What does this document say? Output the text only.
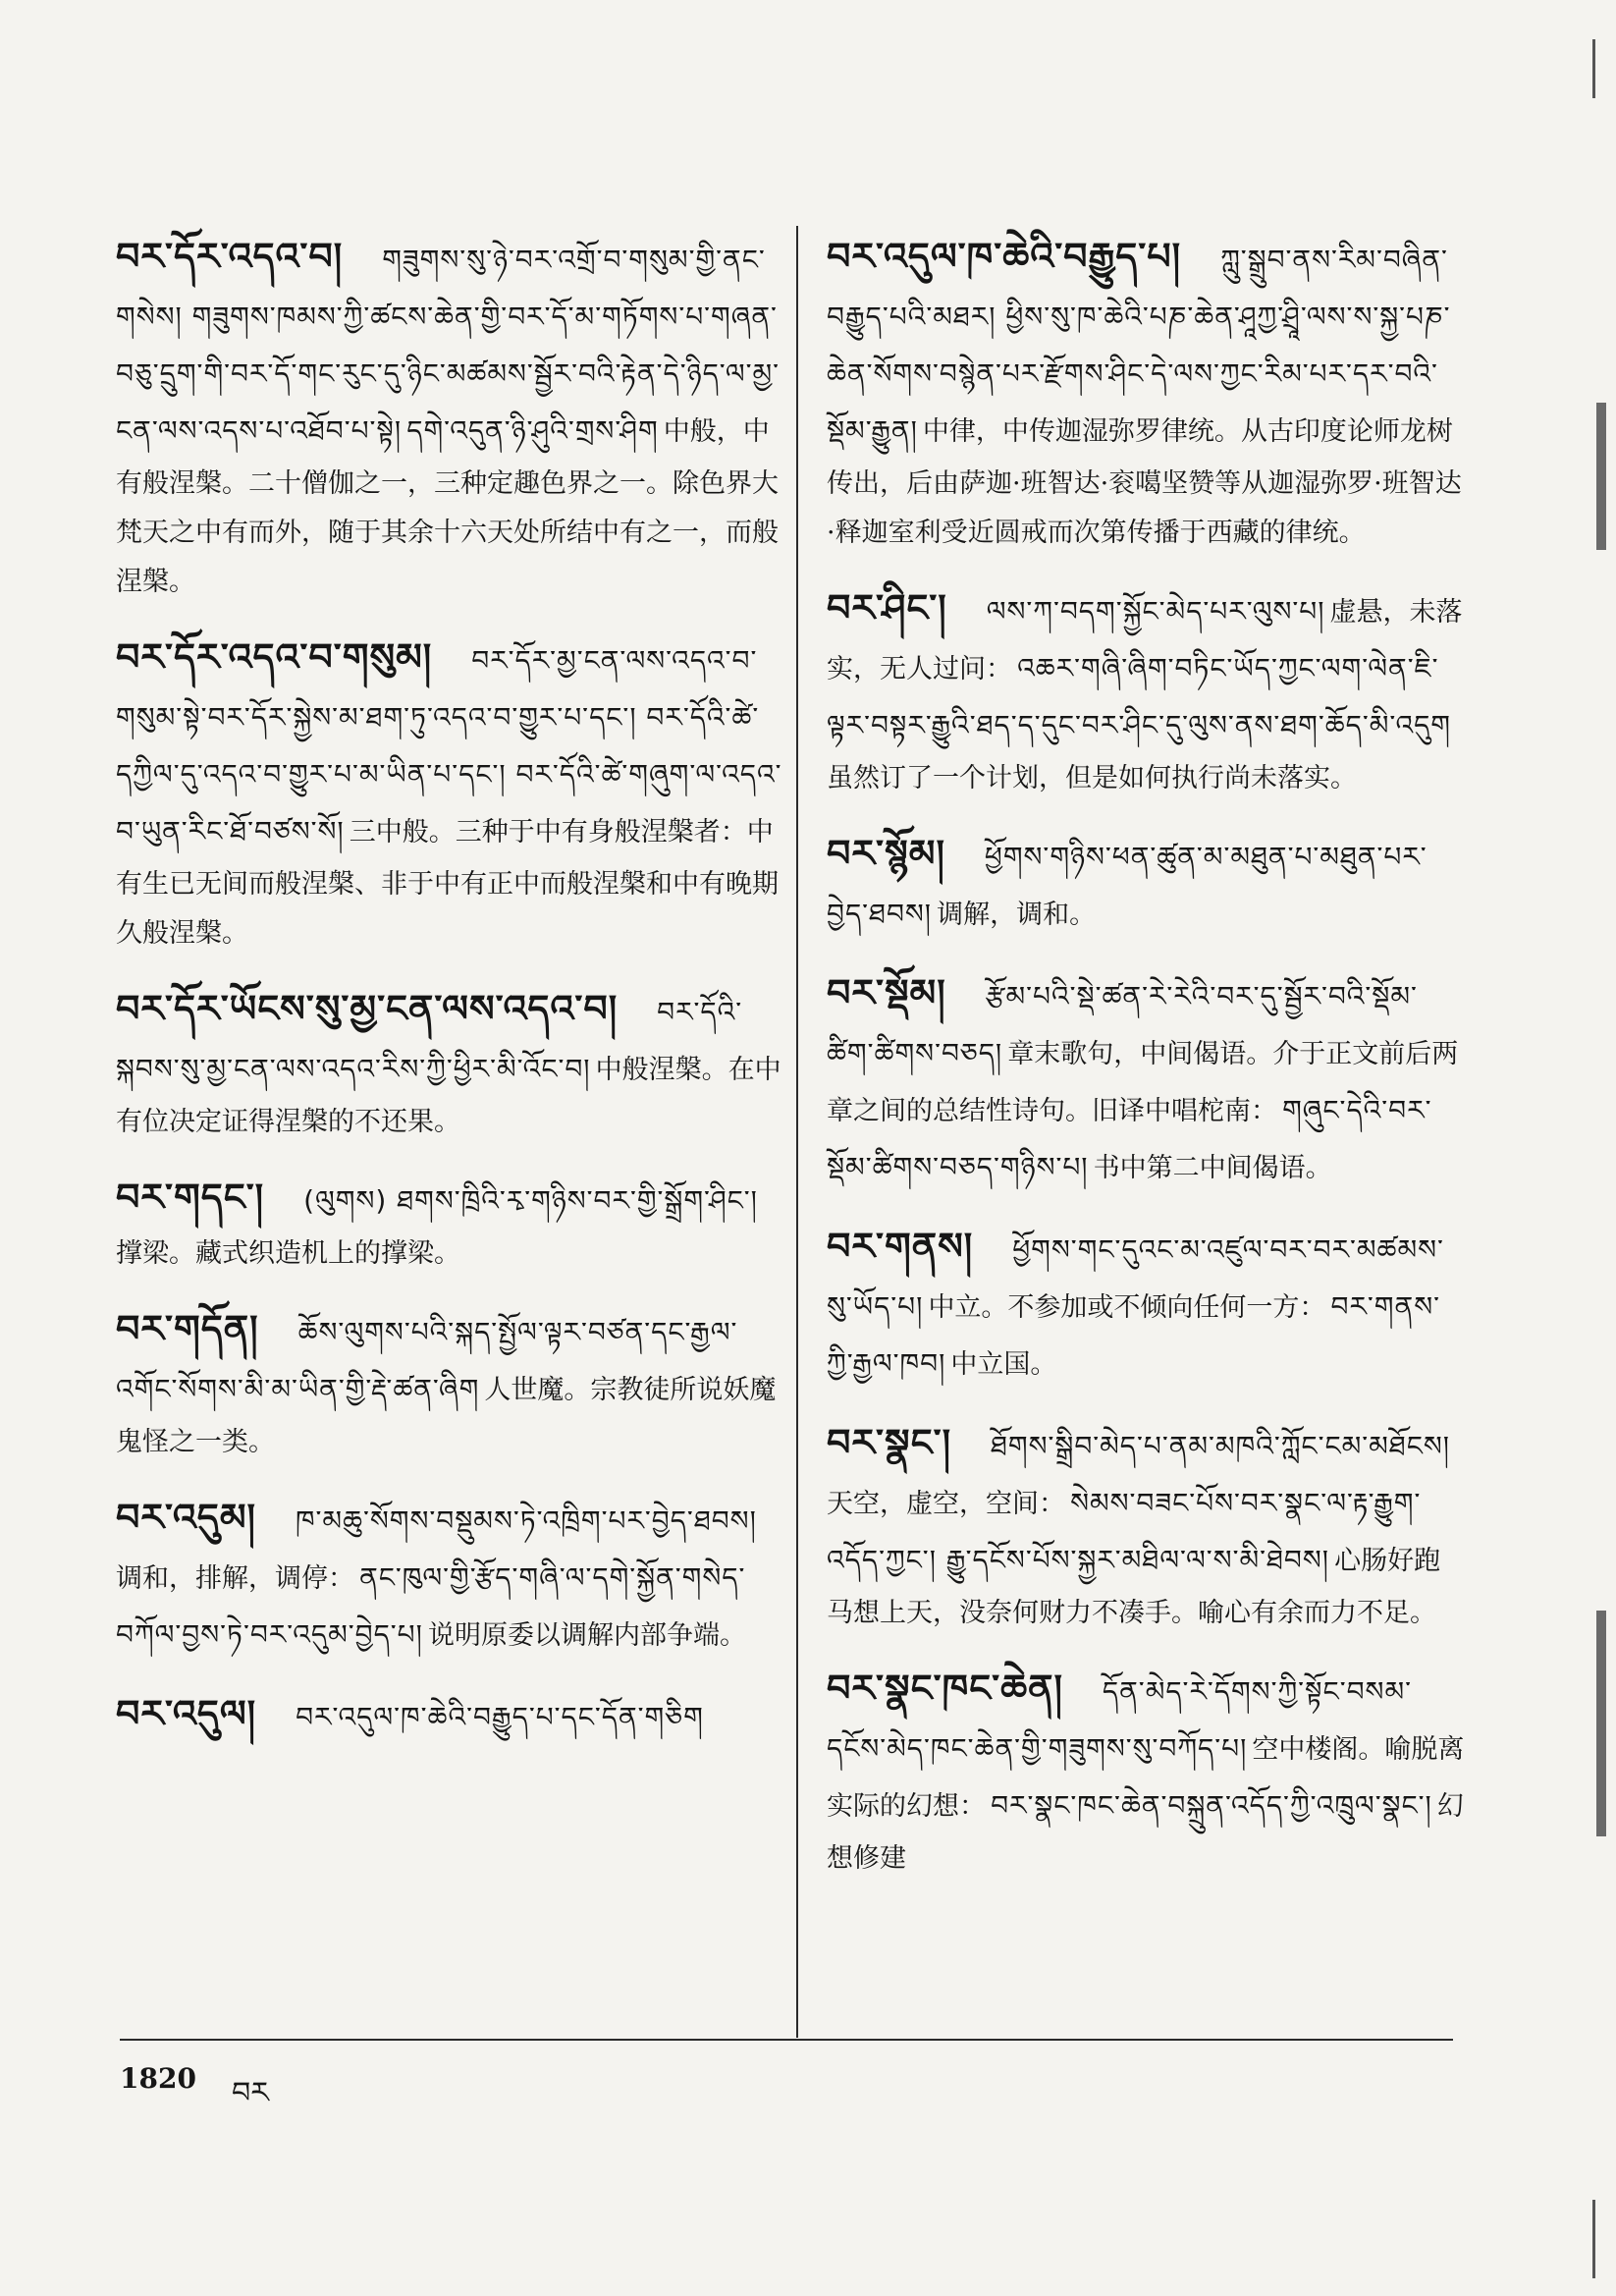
བར་དོར་འདའ་བ། གཟུགས་སུ་ཉེ་བར་འགྲོ་བ་གསུམ་གྱི་ནང་གསེས། གཟུགས་ཁམས་ཀྱི་ཚངས་ཆེན་གྱི་བར་དོ་མ་གཏོགས་པ་གཞན་བཅུ་དྲུག་གི་བར་དོ་གང་རུང་དུ་ཉིང་མཚམས་སྦྱོར་བའི་རྟེན་དེ་ཉིད་ལ་མྱ་ངན་ལས་འདས་པ་འཐོབ་པ་སྟེ། དགེ་འདུན་ཉི་ཤུའི་གྲས་ཤིག 中般，中有般涅槃。二十僧伽之一，三种定趣色界之一。除色界大梵天之中有而外，随于其余十六天处所结中有之一，而般涅槃。
བར་དོར་འདའ་བ་གསུམ། བར་དོར་མྱ་ངན་ལས་འདའ་བ་གསུམ་སྟེ་བར་དོར་སྐྱེས་མ་ཐག་ཏུ་འདའ་བ་གྱུར་པ་དང་། བར་དོའི་ཚེ་དཀྱིལ་དུ་འདའ་བ་གྱུར་པ་མ་ཡིན་པ་དང་། བར་དོའི་ཚེ་གཞུག་ལ་འདའ་བ་ཡུན་རིང་ཐོ་བཙས་སོ། 三中般。三种于中有身般涅槃者：中有生已无间而般涅槃、非于中有正中而般涅槃和中有晚期久般涅槃。
བར་དོར་ཡོངས་སུ་མྱ་ངན་ལས་འདའ་བ། བར་དོའི་སྐབས་སུ་མྱ་ངན་ལས་འདའ་རིས་ཀྱི་ཕྱིར་མི་འོང་བ། 中般涅槃。在中有位决定证得涅槃的不还果。
བར་གདང་། (ལུགས) ཐགས་ཁྲིའི་རྭ་གཉིས་བར་གྱི་སྒྲོག་ཤིང་། 撑梁。藏式织造机上的撑梁。
བར་གདོན། ཆོས་ལུགས་པའི་སྐད་སྤྱོལ་ལྟར་བཙན་དང་རྒྱལ་འགོང་སོགས་མི་མ་ཡིན་གྱི་རྡེ་ཚན་ཞིག 人世魔。宗教徒所说妖魔鬼怪之一类。
བར་འདུམ། ཁ་མཆུ་སོགས་བསྡུམས་ཏེ་འཁྲིག་པར་བྱེད་ཐབས། 调和，排解，调停： ནང་ཁུལ་གྱི་རྩོད་གཞི་ལ་དགེ་སྐྱོན་གསེད་བཀོལ་བྱས་ཏེ་བར་འདུམ་བྱེད་པ། 说明原委以调解内部争端。
བར་འདུལ། བར་འདུལ་ཁ་ཆེའི་བརྒྱུད་པ་དང་དོན་གཅིག
བར་འདུལ་ཁ་ཆེའི་བརྒྱུད་པ། ཀླུ་སྒྲུབ་ནས་རིམ་བཞིན་བརྒྱུད་པའི་མཐར། ཕྱིས་སུ་ཁ་ཆེའི་པཎ་ཆེན་ཤཱཀྱ་ཤྲཱི་ལས་ས་སྐྱ་པཎ་ཆེན་སོགས་བསྙེན་པར་རྫོགས་ཤིང་དེ་ལས་ཀྱང་རིམ་པར་དར་བའི་སྡོམ་རྒྱུན། 中律，中传迦湿弥罗律统。从古印度论师龙树传出，后由萨迦·班智达·衮噶坚赞等从迦湿弥罗·班智达·释迦室利受近圆戒而次第传播于西藏的律统。
བར་ཤིང་། ལས་ཀ་བདག་སྐྱོང་མེད་པར་ལུས་པ། 虚悬，未落实，无人过问： འཆར་གཞི་ཞིག་བཏིང་ཡོད་ཀྱང་ལག་ལེན་ཇི་ལྟར་བསྟར་རྒྱུའི་ཐད་ད་དུང་བར་ཤིང་དུ་ལུས་ནས་ཐག་ཆོད་མི་འདུག 虽然订了一个计划，但是如何执行尚未落实。
བར་སྙོམ། ཕྱོགས་གཉིས་ཕན་ཚུན་མ་མཐུན་པ་མཐུན་པར་བྱེད་ཐབས། 调解，调和。
བར་སྡོམ། རྩོམ་པའི་སྡེ་ཚན་རེ་རེའི་བར་དུ་སྦྱོར་བའི་སྡོམ་ཚིག་ཚིགས་བཅད། 章末歌句，中间偈语。介于正文前后两章之间的总结性诗句。旧译中唱柁南： གཞུང་དེའི་བར་སྡོམ་ཚིགས་བཅད་གཉིས་པ། 书中第二中间偈语。
བར་གནས། ཕྱོགས་གང་དུའང་མ་འཛུལ་བར་བར་མཚམས་སུ་ཡོད་པ། 中立。不参加或不倾向任何一方： བར་གནས་ཀྱི་རྒྱལ་ཁབ། 中立国。
བར་སྣང་། ཐོགས་སྒྲིབ་མེད་པ་ནམ་མཁའི་ཀློང་ངམ་མཐོངས། 天空，虚空，空间： སེམས་བཟང་པོས་བར་སྣང་ལ་རྟ་རྒྱུག་འདོད་ཀྱང་། རྒྱུ་དངོས་པོས་སྐྱར་མཐིལ་ལ་ས་མི་ཐེབས། 心肠好跑马想上天，没奈何财力不凑手。喻心有余而力不足。
བར་སྣང་ཁང་ཆེན། དོན་མེད་རེ་དོགས་ཀྱི་སྟོང་བསམ་དངོས་མེད་ཁང་ཆེན་གྱི་གཟུགས་སུ་བཀོད་པ། 空中楼阁。喻脱离实际的幻想： བར་སྣང་ཁང་ཆེན་བསྐྲུན་འདོད་ཀྱི་འཁྲུལ་སྣང་། 幻想修建
1820 བར
